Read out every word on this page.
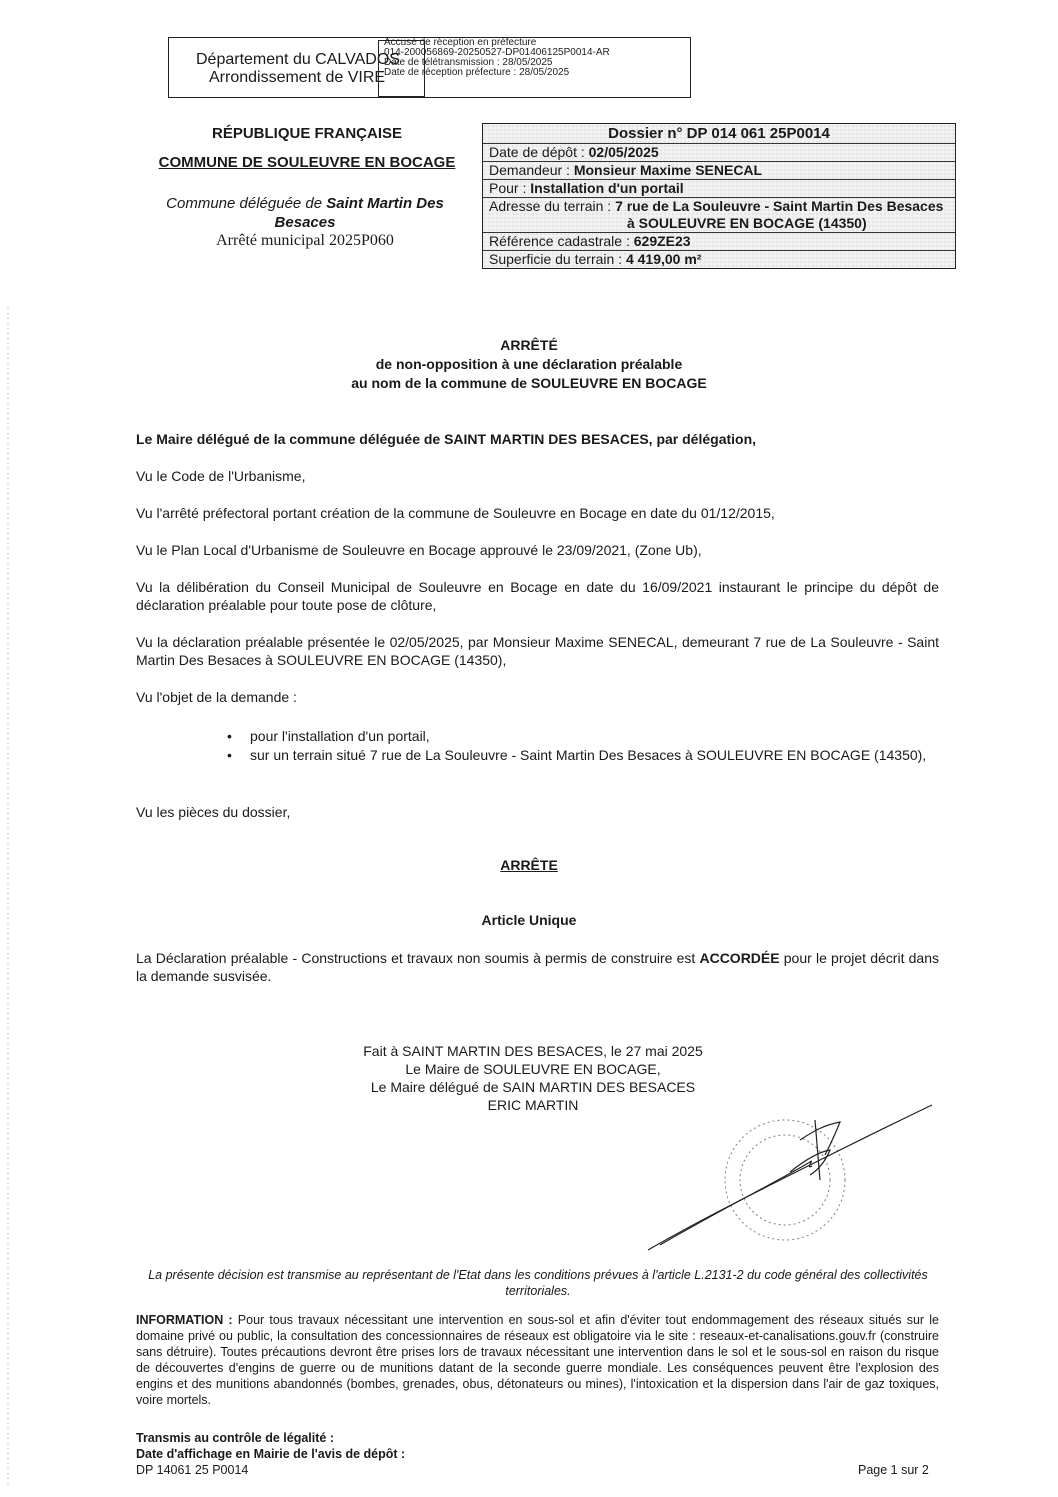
Département du CALVADOS
Arrondissement de VIRE
Accusé de réception en préfecture
014-200056869-20250527-DP01406125P0014-AR
Date de télétransmission : 28/05/2025
Date de réception préfecture : 28/05/2025
RÉPUBLIQUE FRANÇAISE
COMMUNE DE SOULEUVRE EN BOCAGE
Commune déléguée de Saint Martin Des Besaces
Arrêté municipal 2025P060
Dossier n° DP 014 061 25P0014
Date de dépôt : 02/05/2025
Demandeur : Monsieur Maxime SENECAL
Pour : Installation d'un portail
Adresse du terrain : 7 rue de La Souleuvre - Saint Martin Des Besaces
à SOULEUVRE EN BOCAGE (14350)
Référence cadastrale : 629ZE23
Superficie du terrain : 4 419,00 m²
ARRÊTÉ
de non-opposition à une déclaration préalable
au nom de la commune de SOULEUVRE EN BOCAGE
Le Maire délégué de la commune déléguée de SAINT MARTIN DES BESACES, par délégation,
Vu le Code de l'Urbanisme,
Vu l'arrêté préfectoral portant création de la commune de Souleuvre en Bocage en date du 01/12/2015,
Vu le Plan Local d'Urbanisme de Souleuvre en Bocage approuvé le 23/09/2021, (Zone Ub),
Vu la délibération du Conseil Municipal de Souleuvre en Bocage en date du 16/09/2021 instaurant le principe du dépôt de déclaration préalable pour toute pose de clôture,
Vu la déclaration préalable présentée le 02/05/2025, par Monsieur Maxime SENECAL, demeurant 7 rue de La Souleuvre - Saint Martin Des Besaces à SOULEUVRE EN BOCAGE (14350),
Vu l'objet de la demande :
• pour l'installation d'un portail,
• sur un terrain situé 7 rue de La Souleuvre - Saint Martin Des Besaces à SOULEUVRE EN BOCAGE (14350),
Vu les pièces du dossier,
ARRÊTE
Article Unique
La Déclaration préalable - Constructions et travaux non soumis à permis de construire est ACCORDÉE pour le projet décrit dans la demande susvisée.
Fait à SAINT MARTIN DES BESACES, le 27 mai 2025
Le Maire de SOULEUVRE EN BOCAGE,
Le Maire délégué de SAIN MARTIN DES BESACES
ERIC MARTIN
La présente décision est transmise au représentant de l'Etat dans les conditions prévues à l'article L.2131-2 du code général des collectivités territoriales.
INFORMATION : Pour tous travaux nécessitant une intervention en sous-sol et afin d'éviter tout endommagement des réseaux situés sur le domaine privé ou public, la consultation des concessionnaires de réseaux est obligatoire via le site : reseaux-et-canalisations.gouv.fr (construire sans détruire). Toutes précautions devront être prises lors de travaux nécessitant une intervention dans le sol et le sous-sol en raison du risque de découvertes d'engins de guerre ou de munitions datant de la seconde guerre mondiale. Les conséquences peuvent être l'explosion des engins et des munitions abandonnés (bombes, grenades, obus, détonateurs ou mines), l'intoxication et la dispersion dans l'air de gaz toxiques, voire mortels.
Transmis au contrôle de légalité :
Date d'affichage en Mairie de l'avis de dépôt :
DP 14061 25 P0014	Page 1 sur 2
